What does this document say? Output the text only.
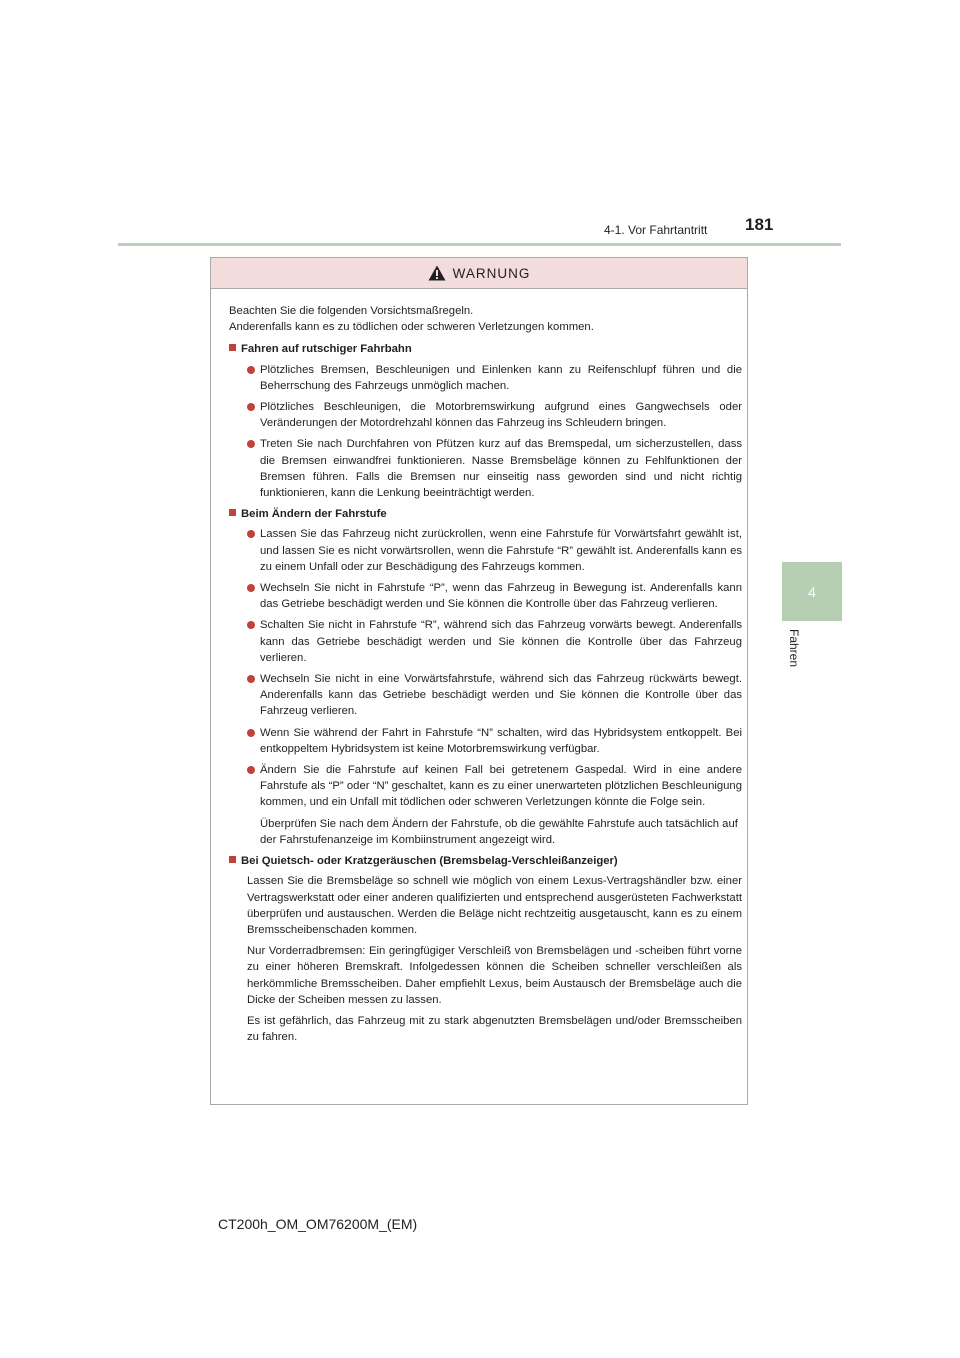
4-1. Vor Fahrtantritt 181
4
Fahren
WARNUNG

Beachten Sie die folgenden Vorsichtsmaßregeln.
Anderenfalls kann es zu tödlichen oder schweren Verletzungen kommen.

Fahren auf rutschiger Fahrbahn

Plötzliches Bremsen, Beschleunigen und Einlenken kann zu Reifenschlupf führen und die Beherrschung des Fahrzeugs unmöglich machen.

Plötzliches Beschleunigen, die Motorbremswirkung aufgrund eines Gangwechsels oder Veränderungen der Motordrehzahl können das Fahrzeug ins Schleudern bringen.

Treten Sie nach Durchfahren von Pfützen kurz auf das Bremspedal, um sicherzustellen, dass die Bremsen einwandfrei funktionieren. Nasse Bremsbeläge können zu Fehlfunktionen der Bremsen führen. Falls die Bremsen nur einseitig nass geworden sind und nicht richtig funktionieren, kann die Lenkung beeinträchtigt werden.

Beim Ändern der Fahrstufe

Lassen Sie das Fahrzeug nicht zurückrollen, wenn eine Fahrstufe für Vorwärtsfahrt gewählt ist, und lassen Sie es nicht vorwärtsrollen, wenn die Fahrstufe “R” gewählt ist. Anderenfalls kann es zu einem Unfall oder zur Beschädigung des Fahrzeugs kommen.

Wechseln Sie nicht in Fahrstufe “P”, wenn das Fahrzeug in Bewegung ist. Anderenfalls kann das Getriebe beschädigt werden und Sie können die Kontrolle über das Fahrzeug verlieren.

Schalten Sie nicht in Fahrstufe “R”, während sich das Fahrzeug vorwärts bewegt. Anderenfalls kann das Getriebe beschädigt werden und Sie können die Kontrolle über das Fahrzeug verlieren.

Wechseln Sie nicht in eine Vorwärtsfahrstufe, während sich das Fahrzeug rückwärts bewegt. Anderenfalls kann das Getriebe beschädigt werden und Sie können die Kontrolle über das Fahrzeug verlieren.

Wenn Sie während der Fahrt in Fahrstufe “N” schalten, wird das Hybridsystem entkoppelt. Bei entkoppeltem Hybridsystem ist keine Motorbremswirkung verfügbar.

Ändern Sie die Fahrstufe auf keinen Fall bei getretenem Gaspedal. Wird in eine andere Fahrstufe als “P” oder “N” geschaltet, kann es zu einer unerwarteten plötzlichen Beschleunigung kommen, und ein Unfall mit tödlichen oder schweren Verletzungen könnte die Folge sein.

Überprüfen Sie nach dem Ändern der Fahrstufe, ob die gewählte Fahrstufe auch tatsächlich auf der Fahrstufenanzeige im Kombiinstrument angezeigt wird.

Bei Quietsch- oder Kratzgeräuschen (Bremsbelag-Verschleißanzeiger)

Lassen Sie die Bremsbeläge so schnell wie möglich von einem Lexus-Vertragshändler bzw. einer Vertragswerkstatt oder einer anderen qualifizierten und entsprechend ausgerüsteten Fachwerkstatt überprüfen und austauschen. Werden die Beläge nicht rechtzeitig ausgetauscht, kann es zu einem Bremsscheibenschaden kommen.

Nur Vorderradbremsen: Ein geringfügiger Verschleiß von Bremsbelägen und -scheiben führt vorne zu einer höheren Bremskraft. Infolgedessen können die Scheiben schneller verschleißen als herkömmliche Bremsscheiben. Daher empfiehlt Lexus, beim Austausch der Bremsbeläge auch die Dicke der Scheiben messen zu lassen.

Es ist gefährlich, das Fahrzeug mit zu stark abgenutzten Bremsbelägen und/oder Bremsscheiben zu fahren.

CT200h_OM_OM76200M_(EM)
